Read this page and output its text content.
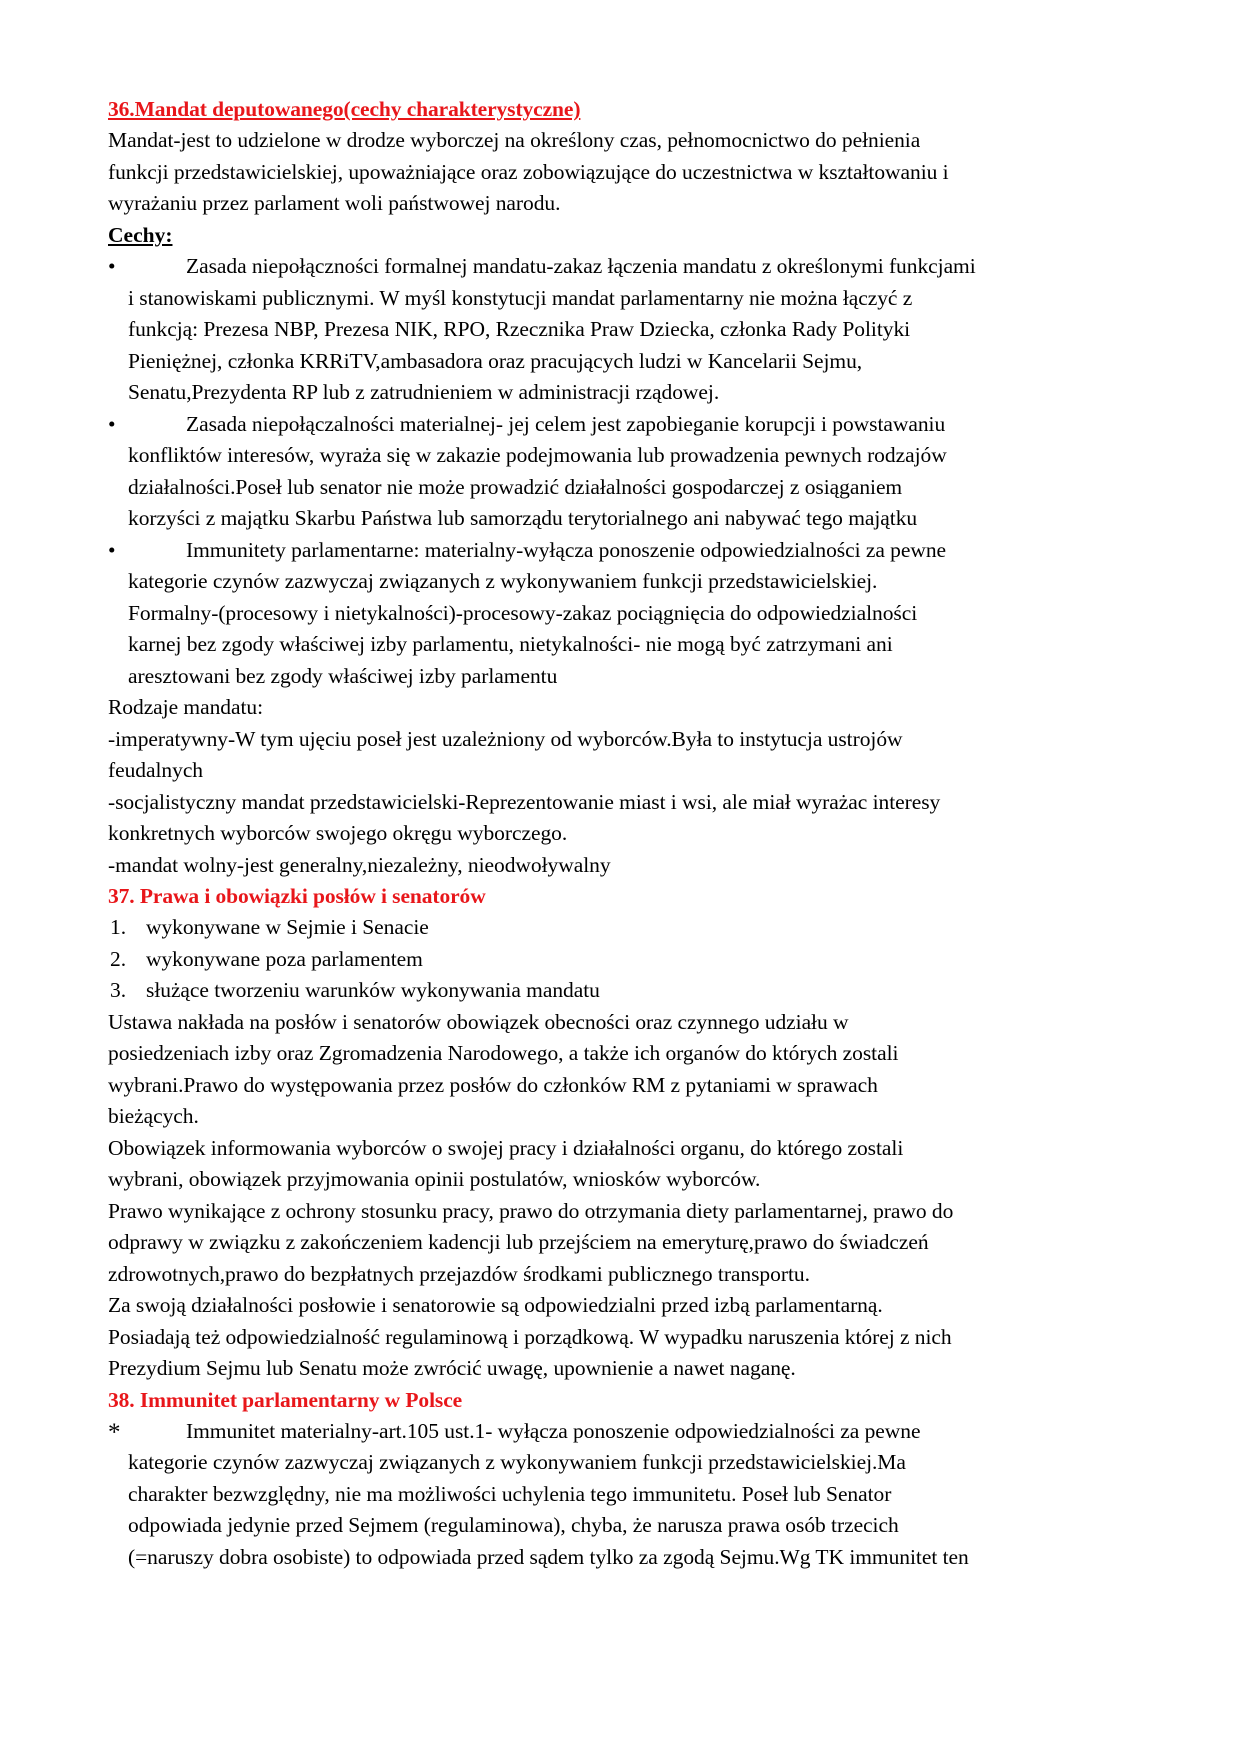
36.Mandat deputowanego(cechy charakterystyczne)

Mandat-jest to udzielone w drodze wyborczej na określony czas, pełnomocnictwo do pełnienia
funkcji przedstawicielskiej, upoważniające oraz zobowiązujące do uczestnictwa w kształtowaniu i
wyrażaniu przez parlament woli państwowej narodu.

Cechy:
•	Zasada niepołączności formalnej mandatu-zakaz łączenia mandatu z określonymi funkcjami
i stanowiskami publicznymi. W myśl konstytucji mandat parlamentarny nie można łączyć z
funkcją: Prezesa NBP, Prezesa NIK, RPO, Rzecznika Praw Dziecka, członka Rady Polityki
Pieniężnej, członka KRRiTV,ambasadora oraz pracujących ludzi w Kancelarii Sejmu,
Senatu,Prezydenta RP lub z zatrudnieniem w administracji rządowej.
•	Zasada niepołączalności materialnej- jej celem jest zapobieganie korupcji i powstawaniu
konfliktów interesów, wyraża się w zakazie podejmowania lub prowadzenia pewnych rodzajów
działalności.Poseł lub senator nie może prowadzić działalności gospodarczej z osiąganiem
korzyści z majątku Skarbu Państwa lub samorządu terytorialnego ani nabywać tego majątku
•	Immunitety parlamentarne: materialny-wyłącza ponoszenie odpowiedzialności za pewne
kategorie czynów zazwyczaj związanych z wykonywaniem funkcji przedstawicielskiej.
Formalny-(procesowy i nietykalności)-procesowy-zakaz pociągnięcia do odpowiedzialności
karnej bez zgody właściwej izby parlamentu, nietykalności- nie mogą być zatrzymani ani
aresztowani bez zgody właściwej izby parlamentu

Rodzaje mandatu:
-imperatywny-W tym ujęciu poseł jest uzależniony od wyborców.Była to instytucja ustrojów
feudalnych
-socjalistyczny mandat przedstawicielski-Reprezentowanie miast i wsi, ale miał wyrażac interesy
konkretnych wyborców swojego okręgu wyborczego.
-mandat wolny-jest generalny,niezależny, nieodwoływalny

37. Prawa i obowiązki posłów i senatorów
1. wykonywane w Sejmie i Senacie
2. wykonywane poza parlamentem
3. służące tworzeniu warunków wykonywania mandatu

Ustawa nakłada na posłów i senatorów obowiązek obecności oraz czynnego udziału w
posiedzeniach izby oraz Zgromadzenia Narodowego, a także ich organów do których zostali
wybrani.Prawo do występowania przez posłów do członków RM z pytaniami w sprawach
bieżących.
Obowiązek informowania wyborców o swojej pracy i działalności organu, do którego zostali
wybrani, obowiązek przyjmowania opinii postulatów, wniosków wyborców.
Prawo wynikające z ochrony stosunku pracy, prawo do otrzymania diety parlamentarnej, prawo do
odprawy w związku z zakończeniem kadencji lub przejściem na emeryturę,prawo do świadczeń
zdrowotnych,prawo do bezpłatnych przejazdów środkami publicznego transportu.
Za swoją działalności posłowie i senatorowie są odpowiedzialni przed izbą parlamentarną.
Posiadają też odpowiedzialność regulaminową i porządkową. W wypadku naruszenia której z nich
Prezydium Sejmu lub Senatu może zwrócić uwagę, upownienie a nawet naganę.

38. Immunitet parlamentarny w Polsce
*	Immunitet materialny-art.105 ust.1- wyłącza ponoszenie odpowiedzialności za pewne
kategorie czynów zazwyczaj związanych z wykonywaniem funkcji przedstawicielskiej.Ma
charakter bezwzględny, nie ma możliwości uchylenia tego immunitetu. Poseł lub Senator
odpowiada jedynie przed Sejmem (regulaminowa), chyba, że narusza prawa osób trzecich
(=naruszy dobra osobiste) to odpowiada przed sądem tylko za zgodą Sejmu.Wg TK immunitet ten
